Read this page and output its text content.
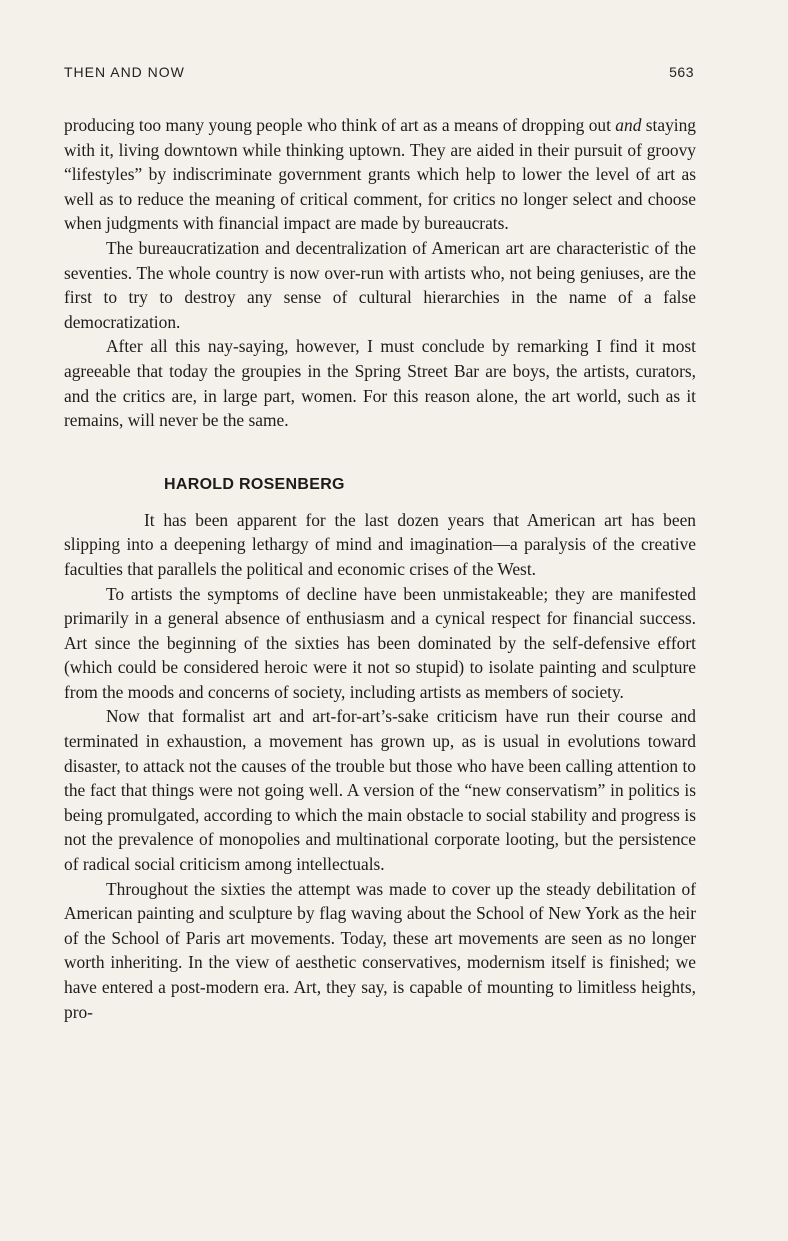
THEN AND NOW	563

producing too many young people who think of art as a means of dropping out and staying with it, living downtown while thinking uptown. They are aided in their pursuit of groovy “lifestyles” by indiscriminate government grants which help to lower the level of art as well as to reduce the meaning of critical comment, for critics no longer select and choose when judgments with financial impact are made by bureaucrats.

The bureaucratization and decentralization of American art are characteristic of the seventies. The whole country is now over-run with artists who, not being geniuses, are the first to try to destroy any sense of cultural hierarchies in the name of a false democratization.

After all this nay-saying, however, I must conclude by remarking I find it most agreeable that today the groupies in the Spring Street Bar are boys, the artists, curators, and the critics are, in large part, women. For this reason alone, the art world, such as it remains, will never be the same.

HAROLD ROSENBERG

It has been apparent for the last dozen years that American art has been slipping into a deepening lethargy of mind and imagination—a paralysis of the creative faculties that parallels the political and economic crises of the West.

To artists the symptoms of decline have been unmistakeable; they are manifested primarily in a general absence of enthusiasm and a cynical respect for financial success. Art since the beginning of the sixties has been dominated by the self-defensive effort (which could be considered heroic were it not so stupid) to isolate painting and sculpture from the moods and concerns of society, including artists as members of society.

Now that formalist art and art-for-art’s-sake criticism have run their course and terminated in exhaustion, a movement has grown up, as is usual in evolutions toward disaster, to attack not the causes of the trouble but those who have been calling attention to the fact that things were not going well. A version of the “new conservatism” in politics is being promulgated, according to which the main obstacle to social stability and progress is not the prevalence of monopolies and multinational corporate looting, but the persistence of radical social criticism among intellectuals.

Throughout the sixties the attempt was made to cover up the steady debilitation of American painting and sculpture by flag waving about the School of New York as the heir of the School of Paris art movements. Today, these art movements are seen as no longer worth inheriting. In the view of aesthetic conservatives, modernism itself is finished; we have entered a post-modern era. Art, they say, is capable of mounting to limitless heights, pro-
